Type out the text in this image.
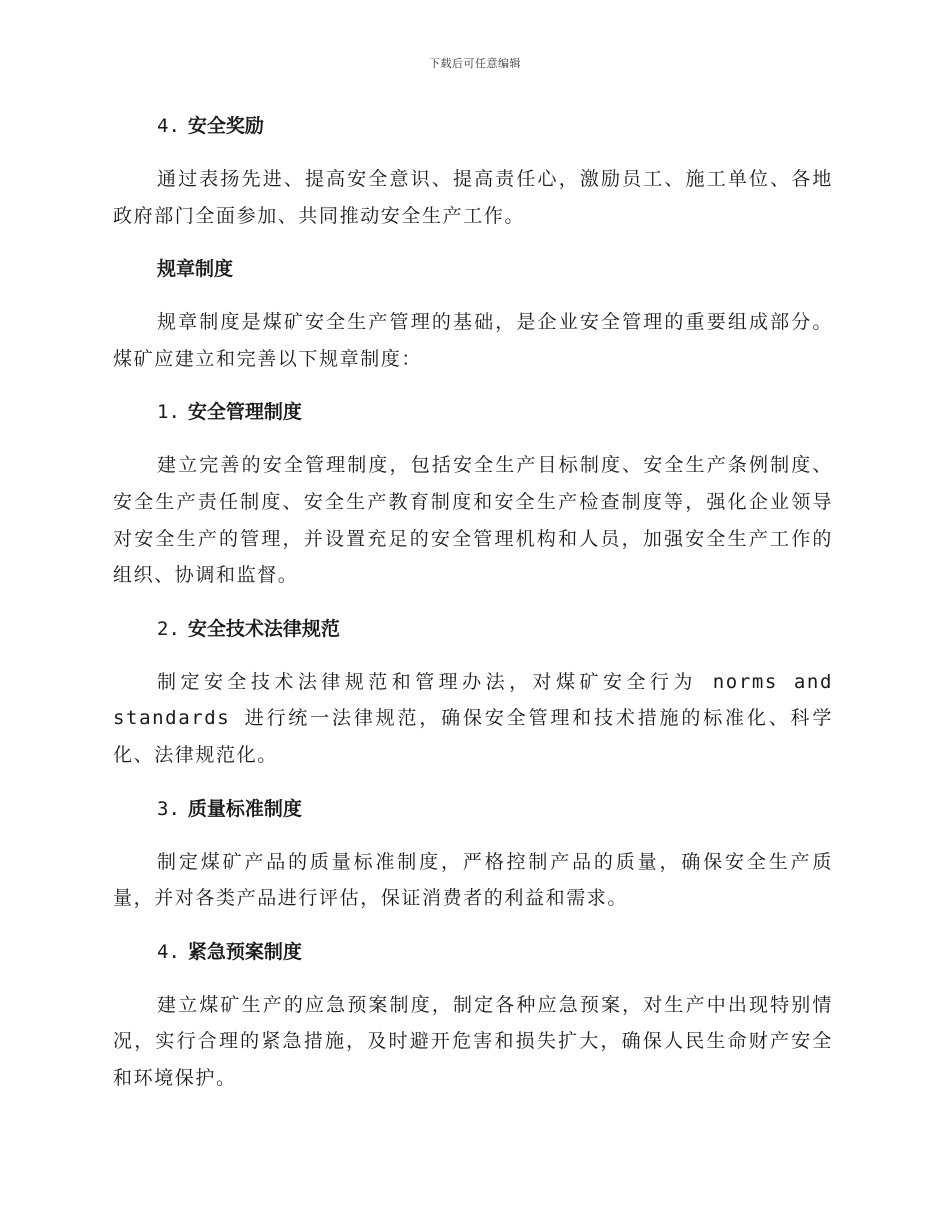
下载后可任意编辑
4. 安全奖励

通过表扬先进、提高安全意识、提高责任心，激励员工、施工单位、各地政府部门全面参加、共同推动安全生产工作。

规章制度

规章制度是煤矿安全生产管理的基础，是企业安全管理的重要组成部分。煤矿应建立和完善以下规章制度：

1. 安全管理制度

建立完善的安全管理制度，包括安全生产目标制度、安全生产条例制度、安全生产责任制度、安全生产教育制度和安全生产检查制度等，强化企业领导对安全生产的管理，并设置充足的安全管理机构和人员，加强安全生产工作的组织、协调和监督。

2. 安全技术法律规范

制定安全技术法律规范和管理办法，对煤矿安全行为 norms and standards 进行统一法律规范，确保安全管理和技术措施的标准化、科学化、法律规范化。

3. 质量标准制度

制定煤矿产品的质量标准制度，严格控制产品的质量，确保安全生产质量，并对各类产品进行评估，保证消费者的利益和需求。

4. 紧急预案制度

建立煤矿生产的应急预案制度，制定各种应急预案，对生产中出现特别情况，实行合理的紧急措施，及时避开危害和损失扩大，确保人民生命财产安全和环境保护。
